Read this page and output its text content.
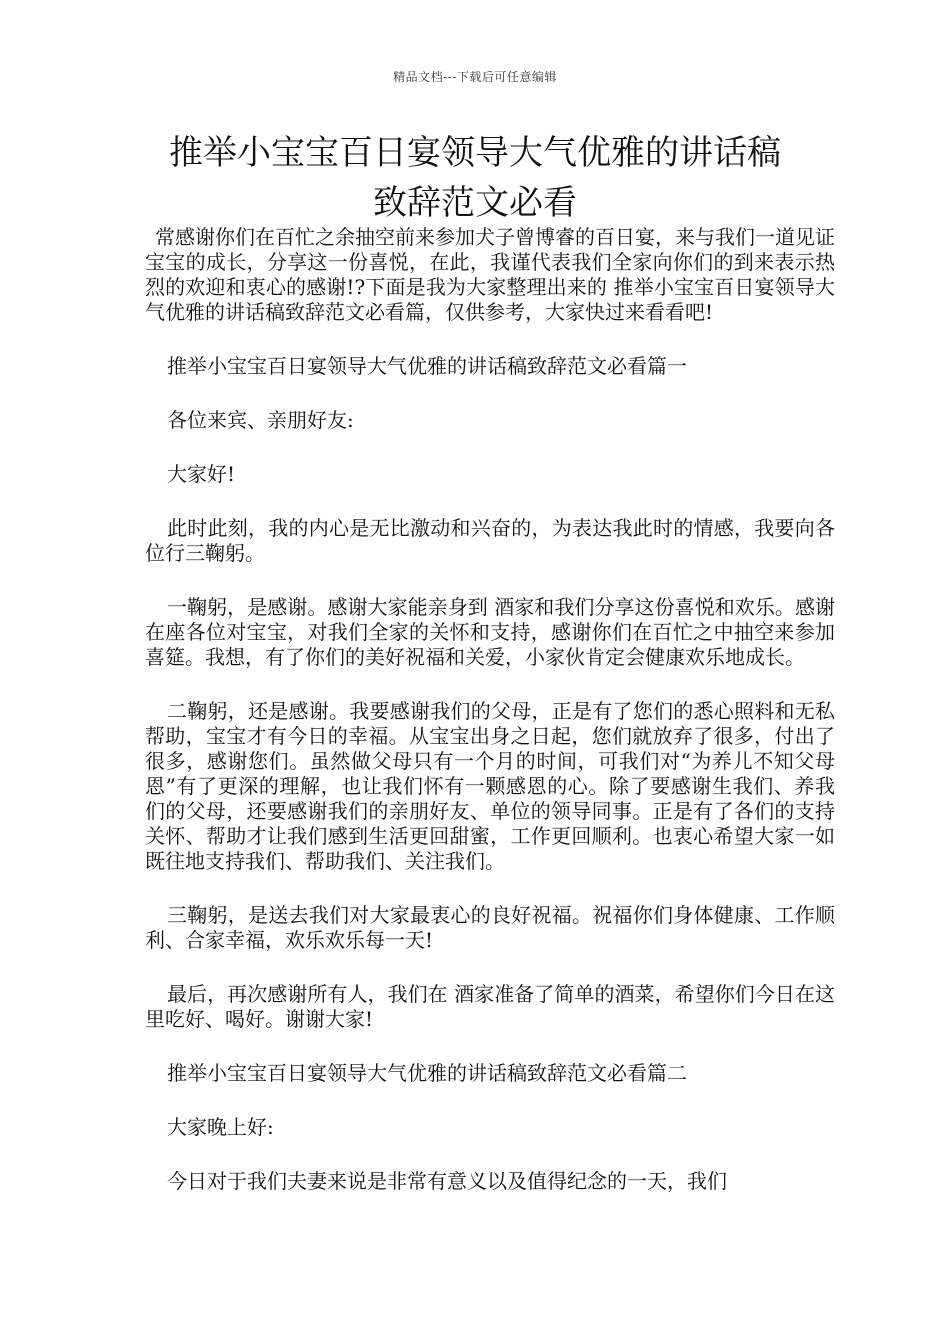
精品文档---下载后可任意编辑
推举小宝宝百日宴领导大气优雅的讲话稿
致辞范文必看

常感谢你们在百忙之余抽空前来参加犬子曾博睿的百日宴，来与我们一道见证宝宝的成长，分享这一份喜悦，在此，我谨代表我们全家向你们的到来表示热烈的欢迎和衷心的感谢!?下面是我为大家整理出来的 推举小宝宝百日宴领导大气优雅的讲话稿致辞范文必看篇，仅供参考，大家快过来看看吧!

推举小宝宝百日宴领导大气优雅的讲话稿致辞范文必看篇一

各位来宾、亲朋好友:

大家好!

此时此刻，我的内心是无比激动和兴奋的，为表达我此时的情感，我要向各位行三鞠躬。

一鞠躬，是感谢。感谢大家能亲身到 酒家和我们分享这份喜悦和欢乐。感谢在座各位对宝宝，对我们全家的关怀和支持，感谢你们在百忙之中抽空来参加喜筵。我想，有了你们的美好祝福和关爱，小家伙肯定会健康欢乐地成长。

二鞠躬，还是感谢。我要感谢我们的父母，正是有了您们的悉心照料和无私帮助，宝宝才有今日的幸福。从宝宝出身之日起，您们就放弃了很多，付出了很多，感谢您们。虽然做父母只有一个月的时间，可我们对“为养儿不知父母恩”有了更深的理解，也让我们怀有一颗感恩的心。除了要感谢生我们、养我们的父母，还要感谢我们的亲朋好友、单位的领导同事。正是有了各们的支持关怀、帮助才让我们感到生活更回甜蜜，工作更回顺利。也衷心希望大家一如既往地支持我们、帮助我们、关注我们。

三鞠躬，是送去我们对大家最衷心的良好祝福。祝福你们身体健康、工作顺利、合家幸福，欢乐欢乐每一天!

最后，再次感谢所有人，我们在 酒家准备了简单的酒菜，希望你们今日在这里吃好、喝好。谢谢大家!

推举小宝宝百日宴领导大气优雅的讲话稿致辞范文必看篇二

大家晚上好:

今日对于我们夫妻来说是非常有意义以及值得纪念的一天，我们
